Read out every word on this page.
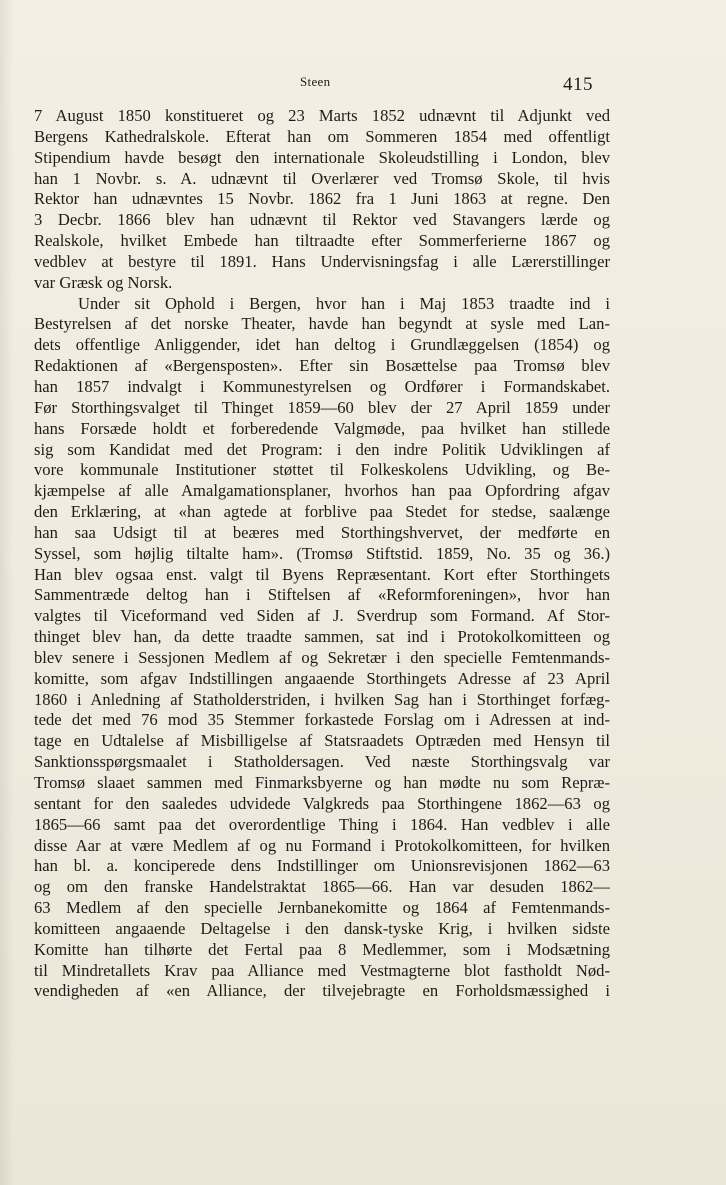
Steen	415
7 August 1850 konstitueret og 23 Marts 1852 udnævnt til Adjunkt ved
Bergens Kathedralskole. Efterat han om Sommeren 1854 med offentligt
Stipendium havde besøgt den internationale Skoleudstilling i London, blev
han 1 Novbr. s. A. udnævnt til Overlærer ved Tromsø Skole, til hvis
Rektor han udnævntes 15 Novbr. 1862 fra 1 Juni 1863 at regne. Den
3 Decbr. 1866 blev han udnævnt til Rektor ved Stavangers lærde og
Realskole, hvilket Embede han tiltraadte efter Sommerferierne 1867 og
vedblev at bestyre til 1891. Hans Undervisningsfag i alle Lærerstillinger
var Græsk og Norsk.
Under sit Ophold i Bergen, hvor han i Maj 1853 traadte ind i
Bestyrelsen af det norske Theater, havde han begyndt at sysle med Lan-
dets offentlige Anliggender, idet han deltog i Grundlæggelsen (1854) og
Redaktionen af «Bergensposten». Efter sin Bosættelse paa Tromsø blev
han 1857 indvalgt i Kommunestyrelsen og Ordfører i Formandskabet.
Før Storthingsvalget til Thinget 1859—60 blev der 27 April 1859 under
hans Forsæde holdt et forberedende Valgmøde, paa hvilket han stillede
sig som Kandidat med det Program: i den indre Politik Udviklingen af
vore kommunale Institutioner støttet til Folkeskolens Udvikling, og Be-
kjæmpelse af alle Amalgamationsplaner, hvorhos han paa Opfordring afgav
den Erklæring, at «han agtede at forblive paa Stedet for stedse, saalænge
han saa Udsigt til at beæres med Storthingshvervet, der medførte en
Syssel, som højlig tiltalte ham». (Tromsø Stiftstid. 1859, No. 35 og 36.)
Han blev ogsaa enst. valgt til Byens Repræsentant. Kort efter Storthingets
Sammentræde deltog han i Stiftelsen af «Reformforeningen», hvor han
valgtes til Viceformand ved Siden af J. Sverdrup som Formand. Af Stor-
thinget blev han, da dette traadte sammen, sat ind i Protokolkomitteen og
blev senere i Sessjonen Medlem af og Sekretær i den specielle Femtenmands-
komitte, som afgav Indstillingen angaaende Storthingets Adresse af 23 April
1860 i Anledning af Statholderstriden, i hvilken Sag han i Storthinget forfæg-
tede det med 76 mod 35 Stemmer forkastede Forslag om i Adressen at ind-
tage en Udtalelse af Misbilligelse af Statsraadets Optræden med Hensyn til
Sanktionsspørgsmaalet i Statholdersagen. Ved næste Storthingsvalg var
Tromsø slaaet sammen med Finmarksbyerne og han mødte nu som Repræ-
sentant for den saaledes udvidede Valgkreds paa Storthingene 1862—63 og
1865—66 samt paa det overordentlige Thing i 1864. Han vedblev i alle
disse Aar at være Medlem af og nu Formand i Protokolkomitteen, for hvilken
han bl. a. konciperede dens Indstillinger om Unionsrevisjonen 1862—63
og om den franske Handelstraktat 1865—66. Han var desuden 1862—
63 Medlem af den specielle Jernbanekomitte og 1864 af Femtenmands-
komitteen angaaende Deltagelse i den dansk-tyske Krig, i hvilken sidste
Komitte han tilhørte det Fertal paa 8 Medlemmer, som i Modsætning
til Mindretallets Krav paa Alliance med Vestmagterne blot fastholdt Nød-
vendigheden af «en Alliance, der tilvejebragte en Forholdsmæssighed i
